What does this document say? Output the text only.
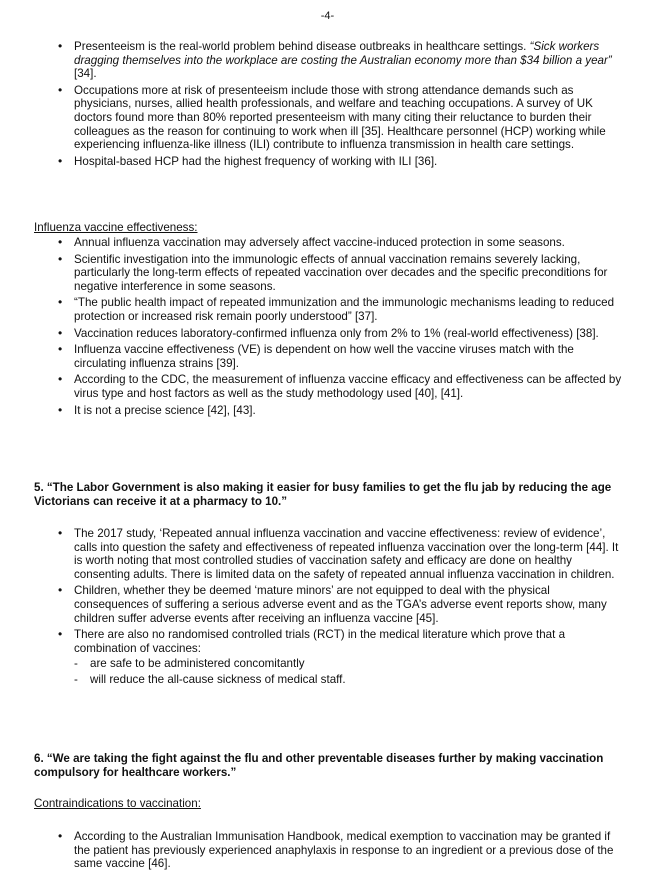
-4-
• Presenteeism is the real-world problem behind disease outbreaks in healthcare settings. “Sick workers dragging themselves into the workplace are costing the Australian economy more than $34 billion a year” [34].
• Occupations more at risk of presenteeism include those with strong attendance demands such as physicians, nurses, allied health professionals, and welfare and teaching occupations. A survey of UK doctors found more than 80% reported presenteeism with many citing their reluctance to burden their colleagues as the reason for continuing to work when ill [35]. Healthcare personnel (HCP) working while experiencing influenza-like illness (ILI) contribute to influenza transmission in health care settings.
• Hospital-based HCP had the highest frequency of working with ILI [36].
Influenza vaccine effectiveness:
• Annual influenza vaccination may adversely affect vaccine-induced protection in some seasons.
• Scientific investigation into the immunologic effects of annual vaccination remains severely lacking, particularly the long-term effects of repeated vaccination over decades and the specific preconditions for negative interference in some seasons.
• “The public health impact of repeated immunization and the immunologic mechanisms leading to reduced protection or increased risk remain poorly understood” [37].
• Vaccination reduces laboratory-confirmed influenza only from 2% to 1% (real-world effectiveness) [38].
• Influenza vaccine effectiveness (VE) is dependent on how well the vaccine viruses match with the circulating influenza strains [39].
• According to the CDC, the measurement of influenza vaccine efficacy and effectiveness can be affected by virus type and host factors as well as the study methodology used [40], [41].
• It is not a precise science [42], [43].
5. “The Labor Government is also making it easier for busy families to get the flu jab by reducing the age Victorians can receive it at a pharmacy to 10.”
• The 2017 study, ‘Repeated annual influenza vaccination and vaccine effectiveness: review of evidence’, calls into question the safety and effectiveness of repeated influenza vaccination over the long-term [44]. It is worth noting that most controlled studies of vaccination safety and efficacy are done on healthy consenting adults. There is limited data on the safety of repeated annual influenza vaccination in children.
• Children, whether they be deemed ‘mature minors’ are not equipped to deal with the physical consequences of suffering a serious adverse event and as the TGA’s adverse event reports show, many children suffer adverse events after receiving an influenza vaccine [45].
• There are also no randomised controlled trials (RCT) in the medical literature which prove that a combination of vaccines:
- are safe to be administered concomitantly
- will reduce the all-cause sickness of medical staff.
6. “We are taking the fight against the flu and other preventable diseases further by making vaccination compulsory for healthcare workers.”
Contraindications to vaccination:
• According to the Australian Immunisation Handbook, medical exemption to vaccination may be granted if the patient has previously experienced anaphylaxis in response to an ingredient or a previous dose of the same vaccine [46].
